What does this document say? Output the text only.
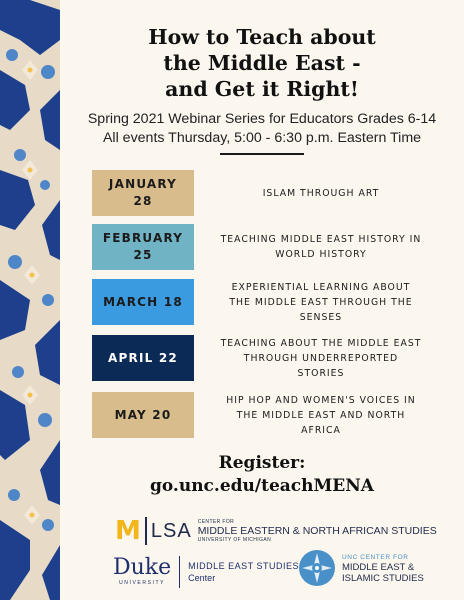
How to Teach about
the Middle East -
and Get it Right!
Spring 2021 Webinar Series for Educators Grades 6-14
All events Thursday, 5:00 - 6:30 p.m. Eastern Time
JANUARY
28
ISLAM THROUGH ART
FEBRUARY
25
TEACHING MIDDLE EAST HISTORY IN
WORLD HISTORY
MARCH 18
EXPERIENTIAL LEARNING ABOUT
THE MIDDLE EAST THROUGH THE
SENSES
APRIL 22
TEACHING ABOUT THE MIDDLE EAST
THROUGH UNDERREPORTED
STORIES
MAY 20
HIP HOP AND WOMEN'S VOICES IN
THE MIDDLE EAST AND NORTH
AFRICA
Register:
go.unc.edu/teachMENA
M LSA CENTER FOR
MIDDLE EASTERN & NORTH AFRICAN STUDIES
UNIVERSITY OF MICHIGAN
Duke
UNIVERSITY
MIDDLE EAST STUDIES
Center
UNC CENTER FOR
MIDDLE EAST &
ISLAMIC STUDIES
